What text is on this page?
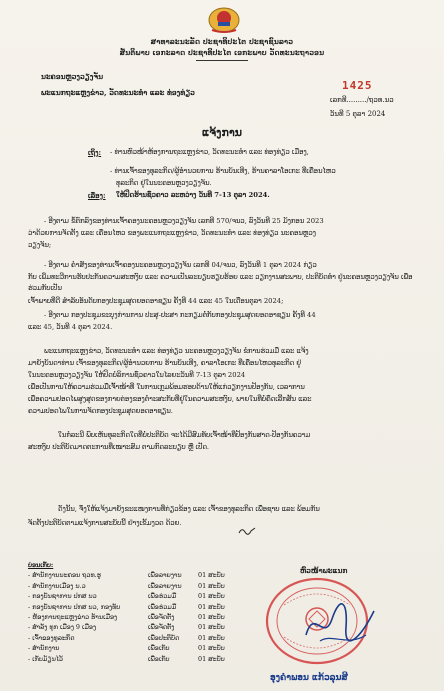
ສາທາລະນະລັດ ປະຊາທິປະໄຕ ປະຊາຊົນລາວ
ສັນຕິພາບ ເອກະລາດ ປະຊາທິປະໄຕ ເອກະພາບ ວັດທະນະຖາວອນ
ນະຄອນຫຼວງວຽງຈັນ
ພະແນກຖະແຫຼງຂ່າວ, ວັດທະນະທຳ ແລະ ທ່ອງທ່ຽວ
1425
ເລກທີ........./ຖວທ.ນວ
ວັນທີ 5 ຕຸລາ 2024
ແຈ້ງການ
ເຖິງ: - ທ່ານຫົວໜ້າຫ້ອງການຖະແຫຼງຂ່າວ, ວັດທະນະທຳ ແລະ ທ່ອງທ່ຽວ ເມືອງ,
- ທ່ານເຈົ້າຂອງທຸລະກິດ/ຜູ້ອຳນວຍການ ຮ້ານບັນເທີງ, ຮ້ານຄາລາໂອເກະ ທີ່ເຄື່ອນໄຫວ
ທຸລະກິດ ຢູ່ໃນນະຄອນຫຼວງວຽງຈັນ.
ເລື່ອງ: ໃຫ້ປິດຮ້ານຊົ່ວຄາວ ລະຫວ່າງ ວັນທີ 7-13 ຕຸລາ 2024.
- ອີງຕາມ ຂໍ້ຕົກລົງຂອງທ່ານເຈົ້າຄອງນະຄອນຫຼວງວຽງຈັນ ເລກທີ 570/ຈນວ, ລົງວັນທີ 25 ມັງກອນ 2023
ວ່າດ້ວຍການຈັດຕັ້ງ ແລະ ເຄື່ອນໄຫວ ຂອງພະແນກຖະແຫຼງຂ່າວ, ວັດທະນະທຳ ແລະ ທ່ອງທ່ຽວ ນະຄອນຫຼວງ
ວຽງຈັນ;
- ອີງຕາມ ຄຳສັ່ງຂອງທ່ານເຈົ້າຄອງນະຄອນຫຼວງວຽງຈັນ ເລກທີ 04/ຈນວ, ລົງວັນທີ 1 ຕຸລາ 2024 ກ່ຽວ
ກັບ ເພີ່ມທະວີການຮັບປະກັນຄວາມສະຫງົບ ແລະ ຄວາມເປັນລະບຽບຮຽບຮ້ອຍ ແລະ ວຽກງານສະພາບ, ປະຕິບັດທຳ ຢູ່ນະຄອນຫຼວງວຽງຈັນ ເພື່ອຮ່ວມກັບເປັນ
ເຈົ້າພາບທີ່ດີ ສຳລັບອັນດັບກອງປະຊຸມສຸດຍອດອາຊຽນ ຄັ້ງທີ 44 ແລະ 45 ໃນເດືອນຕຸລາ 2024;
- ອີງຕາມ ກອງປະຊຸມຂະບຸງກ່ານການ ປະສຸ-ປະສາ ກະກຽມຕໍ່ກັບກອງປະຊຸມສຸດຍອດອາຊຽນ ຄັ້ງທີ 44
ແລະ 45, ວັນທີ 4 ຕຸລາ 2024.
ພະແນກຖະແຫຼງຂ່າວ, ວັດທະນະທຳ ແລະ ທ່ອງທ່ຽວ ນະຄອນຫຼວງວຽງຈັນ ຂໍການຮ່ວມມື ແລະ ແຈ້ງ
ມາຍັງບັນດາທ່ານ ເຈົ້າຂອງທຸລະກິດ/ຜູ້ອຳນວຍການ ຮ້ານບັນເທີງ, ຄາລາໂອເກະ ທີ່ເຄື່ອນໄຫວທຸລະກິດ ຢູ່
ໃນນະຄອນຫຼວງວຽງຈັນ ໃຫ້ປິດບໍລິການຊົ່ວຄາວໃນໄລຍະວັນທີ 7-13 ຕຸລາ 2024
ເພື່ອເປັນການໃຫ້ຄວາມຮ່ວມມືເຈົ້າໜ້າທີ່ ໃນການເກຼມພ້ອມຮອບດ້ານໃຫ້ແກ່ວຽກງານປ້ອງກັນ, ເວລາການ
ເພື່ອຄວາມປອດໄພສູງສຸດຂອງກາຍຕ່ອງຂອງຕໍ່າະສະກັບທີ່ຢູ່ໃນຄວາມສະຫງົບ, ພາຍໃນທີ່ບໍ່ຄຶດເລີ້ກສັ້ນ ແລະ
ຄວາມປອດໄພໃນການຈັດກອງປະຊຸມສຸດຍອດອາຊຽນ.
ໃນກໍລະນີ ພົບເຫັນທຸລະກິດໃດທີ່ບໍ່ປະຕິບັດ ຈະໄດ້ມີສົມທັບເຈົ້າໜ້າທີ່ປ້ອງກັນສາດ-ປ້ອງກັນຄວາມ
ສະຫງົບ ປະຕິບັດມາດຕະການທີ່ເໝາະສົມ ຕາມກົດລະບຽບ ຫຼື ເປັດ.
ດັ່ງນັ້ນ, ຈຶ່ງໃຫ້ແຈ້ງມາຍັງຂະແໜງການທີ່ກ່ຽວຂ້ອງ ແລະ ເຈົ້າຂອງທຸລະກິດ ເພື່ອຊາບ ແລະ ພ້ອມກັນ
ຈັດຕັ້ງປະຕິບັດຕາມແຈ້ງການສະບັບນີ້ ຢ່າງເຂັ້ມງວດ ດ້ວຍ.
ບ່ອນເກັບ:
- ສຳນັກງານນະຄອນ ຖວທ.ຮູ	ເພື່ອລາຍງານ	01 ສະບັບ
- ສຳນັກງານເມືອງ ນ.ວ	ເພື່ອລາຍງານ	01 ສະບັບ
- ກອງບັນຊາການ ປກສ ນວ	ເພື່ອຮ່ວມມື	01 ສະບັບ
- ກອງບັນຊາການ ປກສ ນວ, ກອງທັບ	ເພື່ອຮ່ວມມື	01 ສະບັບ
- ຫ້ອງການຖະແຫຼງຂ່າວ ຮ້ານເມືອງ	ເພື່ອຈັດຕັ້ງ	01 ສະບັບ
- ສຳລັງ ທຸກ ເມືອງ 9 ເມືອງ	ເພື່ອຈັດຕັ້ງ	01 ສະບັບ
- ເຈົ້າຂອງທຸລະກິດ	ເພື່ອປະຕິບັດ	01 ສະບັບ
- ສຳນັກງານ	ເພື່ອເກັບ	01 ສະບັບ
- ເກັບມ້ຽນໄວ້	ເພື່ອເກັບ	01 ສະບັບ
ຫົວໜ້າພະແນກ
ອຸງຄຳພອນ ແກ້ວລຸນສີ
